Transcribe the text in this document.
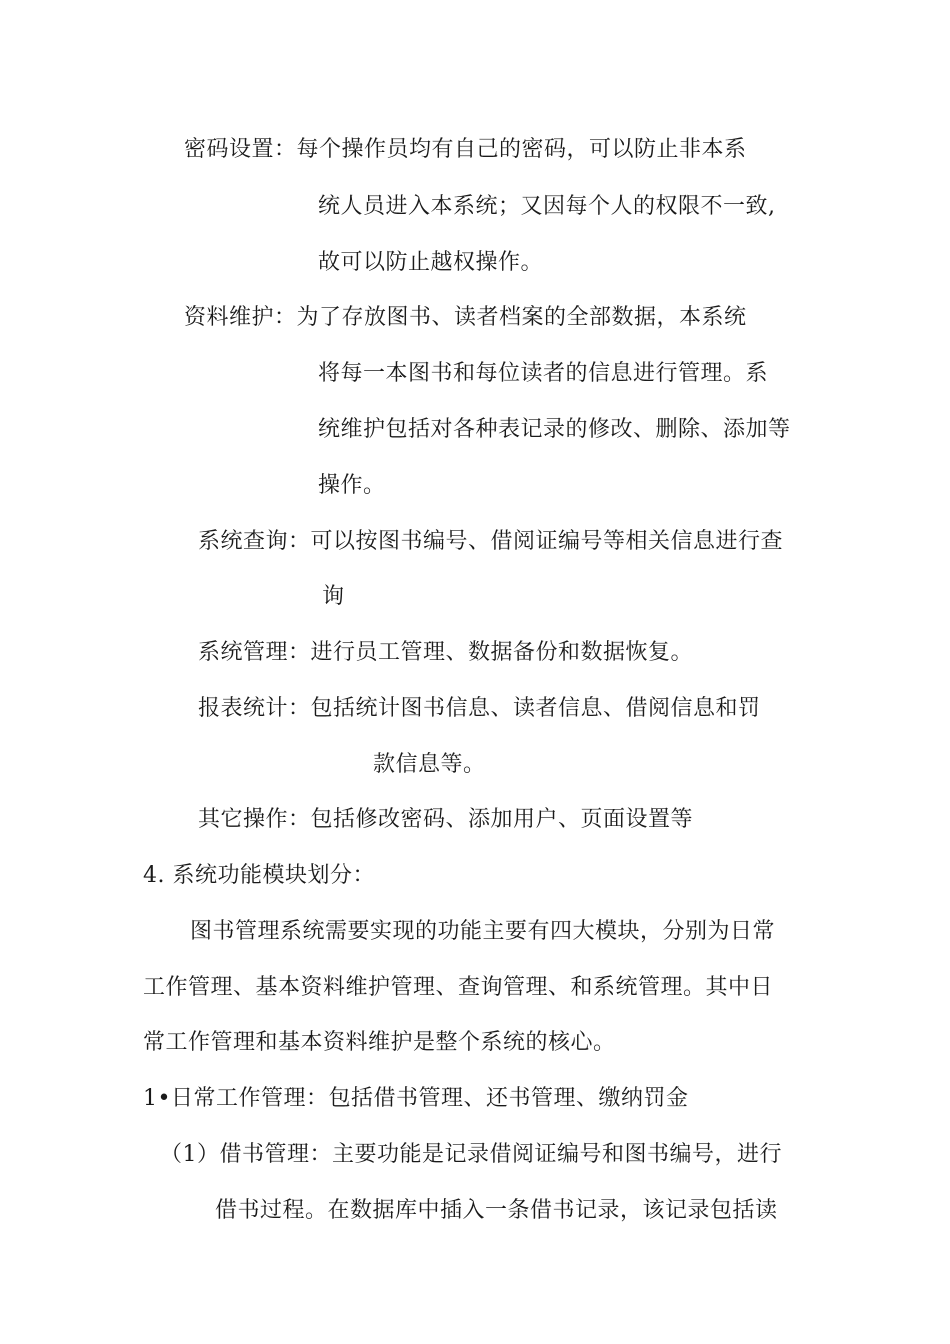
密码设置：每个操作员均有自己的密码，可以防止非本系
统人员进入本系统；又因每个人的权限不一致,
故可以防止越权操作。
资料维护：为了存放图书、读者档案的全部数据，本系统
将每一本图书和每位读者的信息进行管理。系
统维护包括对各种表记录的修改、删除、添加等
操作。
系统查询：可以按图书编号、借阅证编号等相关信息进行查
询
系统管理：进行员工管理、数据备份和数据恢复。
报表统计：包括统计图书信息、读者信息、借阅信息和罚
款信息等。
其它操作：包括修改密码、添加用户、页面设置等
4. 系统功能模块划分：
图书管理系统需要实现的功能主要有四大模块，分别为日常
工作管理、基本资料维护管理、查询管理、和系统管理。其中日
常工作管理和基本资料维护是整个系统的核心。
1•日常工作管理：包括借书管理、还书管理、缴纳罚金
（1）借书管理：主要功能是记录借阅证编号和图书编号，进行
借书过程。在数据库中插入一条借书记录，该记录包括读
